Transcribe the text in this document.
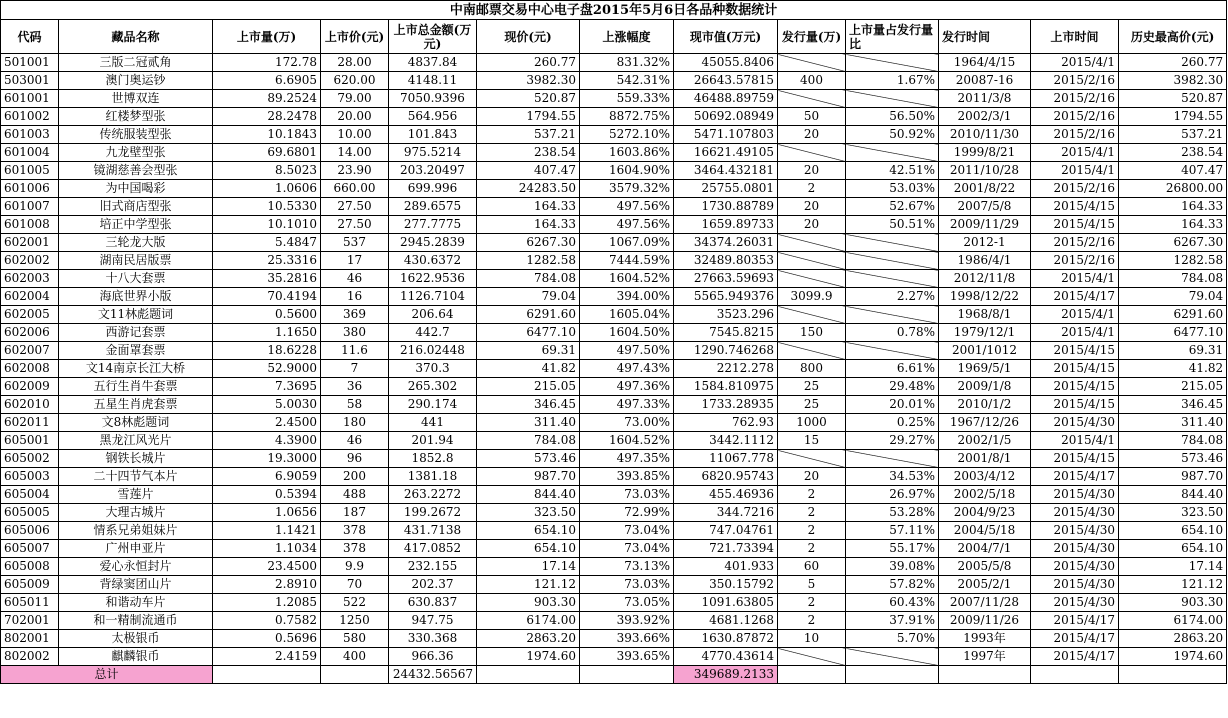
中南邮票交易中心电子盘2015年5月6日各品种数据统计												
代码	藏品名称	上市量(万)	上市价(元)	上市总金额(万元)	现价(元)	上涨幅度	现市值(万元)	发行量(万)	上市量占发行量比	发行时间	上市时间	历史最高价(元)
501001	三版二冠贰角	172.78	28.00	4837.84	260.77	831.32%	45055.8406			1964/4/15	2015/4/1	260.77
503001	澳门奥运钞	6.6905	620.00	4148.11	3982.30	542.31%	26643.57815	400	1.67%	20087-16	2015/2/16	3982.30
601001	世博双连	89.2524	79.00	7050.9396	520.87	559.33%	46488.89759			2011/3/8	2015/2/16	520.87
601002	红楼梦型张	28.2478	20.00	564.956	1794.55	8872.75%	50692.08949	50	56.50%	2002/3/1	2015/2/16	1794.55
601003	传统服装型张	10.1843	10.00	101.843	537.21	5272.10%	5471.107803	20	50.92%	2010/11/30	2015/2/16	537.21
601004	九龙壁型张	69.6801	14.00	975.5214	238.54	1603.86%	16621.49105			1999/8/21	2015/4/1	238.54
601005	镜湖慈善会型张	8.5023	23.90	203.20497	407.47	1604.90%	3464.432181	20	42.51%	2011/10/28	2015/4/1	407.47
601006	为中国喝彩	1.0606	660.00	699.996	24283.50	3579.32%	25755.0801	2	53.03%	2001/8/22	2015/2/16	26800.00
601007	旧式商店型张	10.5330	27.50	289.6575	164.33	497.56%	1730.88789	20	52.67%	2007/5/8	2015/4/15	164.33
601008	培正中学型张	10.1010	27.50	277.7775	164.33	497.56%	1659.89733	20	50.51%	2009/11/29	2015/4/15	164.33
602001	三轮龙大版	5.4847	537	2945.2839	6267.30	1067.09%	34374.26031			2012-1	2015/2/16	6267.30
602002	湖南民居版票	25.3316	17	430.6372	1282.58	7444.59%	32489.80353			1986/4/1	2015/2/16	1282.58
602003	十八大套票	35.2816	46	1622.9536	784.08	1604.52%	27663.59693			2012/11/8	2015/4/1	784.08
602004	海底世界小版	70.4194	16	1126.7104	79.04	394.00%	5565.949376	3099.9	2.27%	1998/12/22	2015/4/17	79.04
602005	文11林彪题词	0.5600	369	206.64	6291.60	1605.04%	3523.296			1968/8/1	2015/4/1	6291.60
602006	西游记套票	1.1650	380	442.7	6477.10	1604.50%	7545.8215	150	0.78%	1979/12/1	2015/4/1	6477.10
602007	金面罩套票	18.6228	11.6	216.02448	69.31	497.50%	1290.746268			2001/1012	2015/4/15	69.31
602008	文14南京长江大桥	52.9000	7	370.3	41.82	497.43%	2212.278	800	6.61%	1969/5/1	2015/4/15	41.82
602009	五行生肖牛套票	7.3695	36	265.302	215.05	497.36%	1584.810975	25	29.48%	2009/1/8	2015/4/15	215.05
602010	五星生肖虎套票	5.0030	58	290.174	346.45	497.33%	1733.28935	25	20.01%	2010/1/2	2015/4/15	346.45
602011	文8林彪题词	2.4500	180	441	311.40	73.00%	762.93	1000	0.25%	1967/12/26	2015/4/30	311.40
605001	黑龙江风光片	4.3900	46	201.94	784.08	1604.52%	3442.1112	15	29.27%	2002/1/5	2015/4/1	784.08
605002	钢铁长城片	19.3000	96	1852.8	573.46	497.35%	11067.778			2001/8/1	2015/4/15	573.46
605003	二十四节气本片	6.9059	200	1381.18	987.70	393.85%	6820.95743	20	34.53%	2003/4/12	2015/4/17	987.70
605004	雪莲片	0.5394	488	263.2272	844.40	73.03%	455.46936	2	26.97%	2002/5/18	2015/4/30	844.40
605005	大理古城片	1.0656	187	199.2672	323.50	72.99%	344.7216	2	53.28%	2004/9/23	2015/4/30	323.50
605006	情系兄弟姐妹片	1.1421	378	431.7138	654.10	73.04%	747.04761	2	57.11%	2004/5/18	2015/4/30	654.10
605007	广州申亚片	1.1034	378	417.0852	654.10	73.04%	721.73394	2	55.17%	2004/7/1	2015/4/30	654.10
605008	爱心永恒封片	23.4500	9.9	232.155	17.14	73.13%	401.933	60	39.08%	2005/5/8	2015/4/30	17.14
605009	背绿窦团山片	2.8910	70	202.37	121.12	73.03%	350.15792	5	57.82%	2005/2/1	2015/4/30	121.12
605011	和谐动车片	1.2085	522	630.837	903.30	73.05%	1091.63805	2	60.43%	2007/11/28	2015/4/30	903.30
702001	和一精制流通币	0.7582	1250	947.75	6174.00	393.92%	4681.1268	2	37.91%	2009/11/26	2015/4/17	6174.00
802001	太极银币	0.5696	580	330.368	2863.20	393.66%	1630.87872	10	5.70%	1993年	2015/4/17	2863.20
802002	麒麟银币	2.4159	400	966.36	1974.60	393.65%	4770.43614			1997年	2015/4/17	1974.60
总计				24432.56567			349689.2133					
